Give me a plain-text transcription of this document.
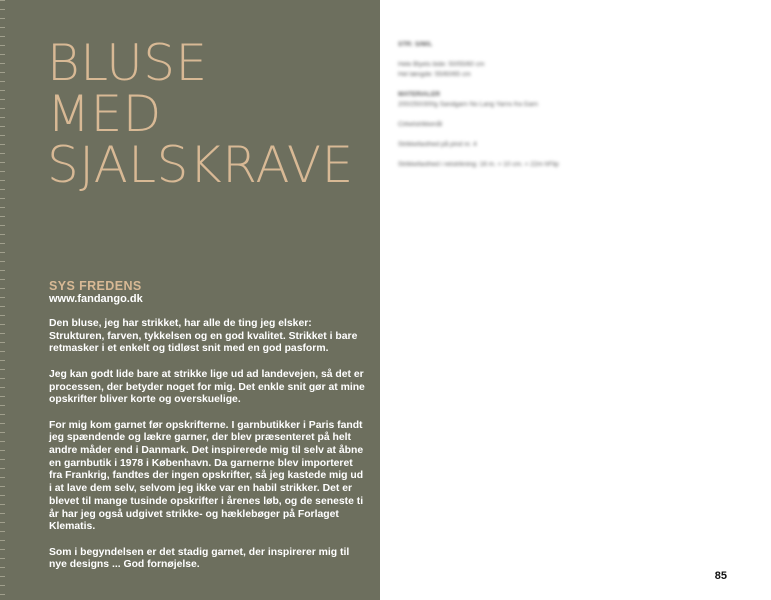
BLUSE
MED
SJALSKRAVE
SYS FREDENS
www.fandango.dk

Den bluse, jeg har strikket, har alle de ting jeg elsker: Strukturen, farven, tykkelsen og en god kvalitet. Strikket i bare retmasker i et enkelt og tidløst snit med en god pasform.

Jeg kan godt lide bare at strikke lige ud ad landevejen, så det er processen, der betyder noget for mig. Det enkle snit gør at mine opskrifter bliver korte og overskuelige.

For mig kom garnet før opskrifterne. I garnbutikker i Paris fandt jeg spændende og lækre garner, der blev præsenteret på helt andre måder end i Danmark. Det inspirerede mig til selv at åbne en garnbutik i 1978 i København. Da garnerne blev importeret fra Frankrig, fandtes der ingen opskrifter, så jeg kastede mig ud i at lave dem selv, selvom jeg ikke var en habil strikker. Det er blevet til mange tusinde opskrifter i årenes løb, og de seneste ti år har jeg også udgivet strikke- og hæklebøger på Forlaget Klematis.

Som i begyndelsen er det stadig garnet, der inspirerer mig til nye designs ... God fornøjelse.

STR: S/M/L
Hele Blyets bide: 50/55/60 cm
Hel længde: 55/60/65 cm
MATERIALER
200/250/300g Sandgarn No Lang Yarns fra Garn
Cirkelstrikkenål
Strikkefasthed på pind nr. 4
Strikkefasthed i retstrikning: 16 m. = 10 cm. = 22m hFlip
85
